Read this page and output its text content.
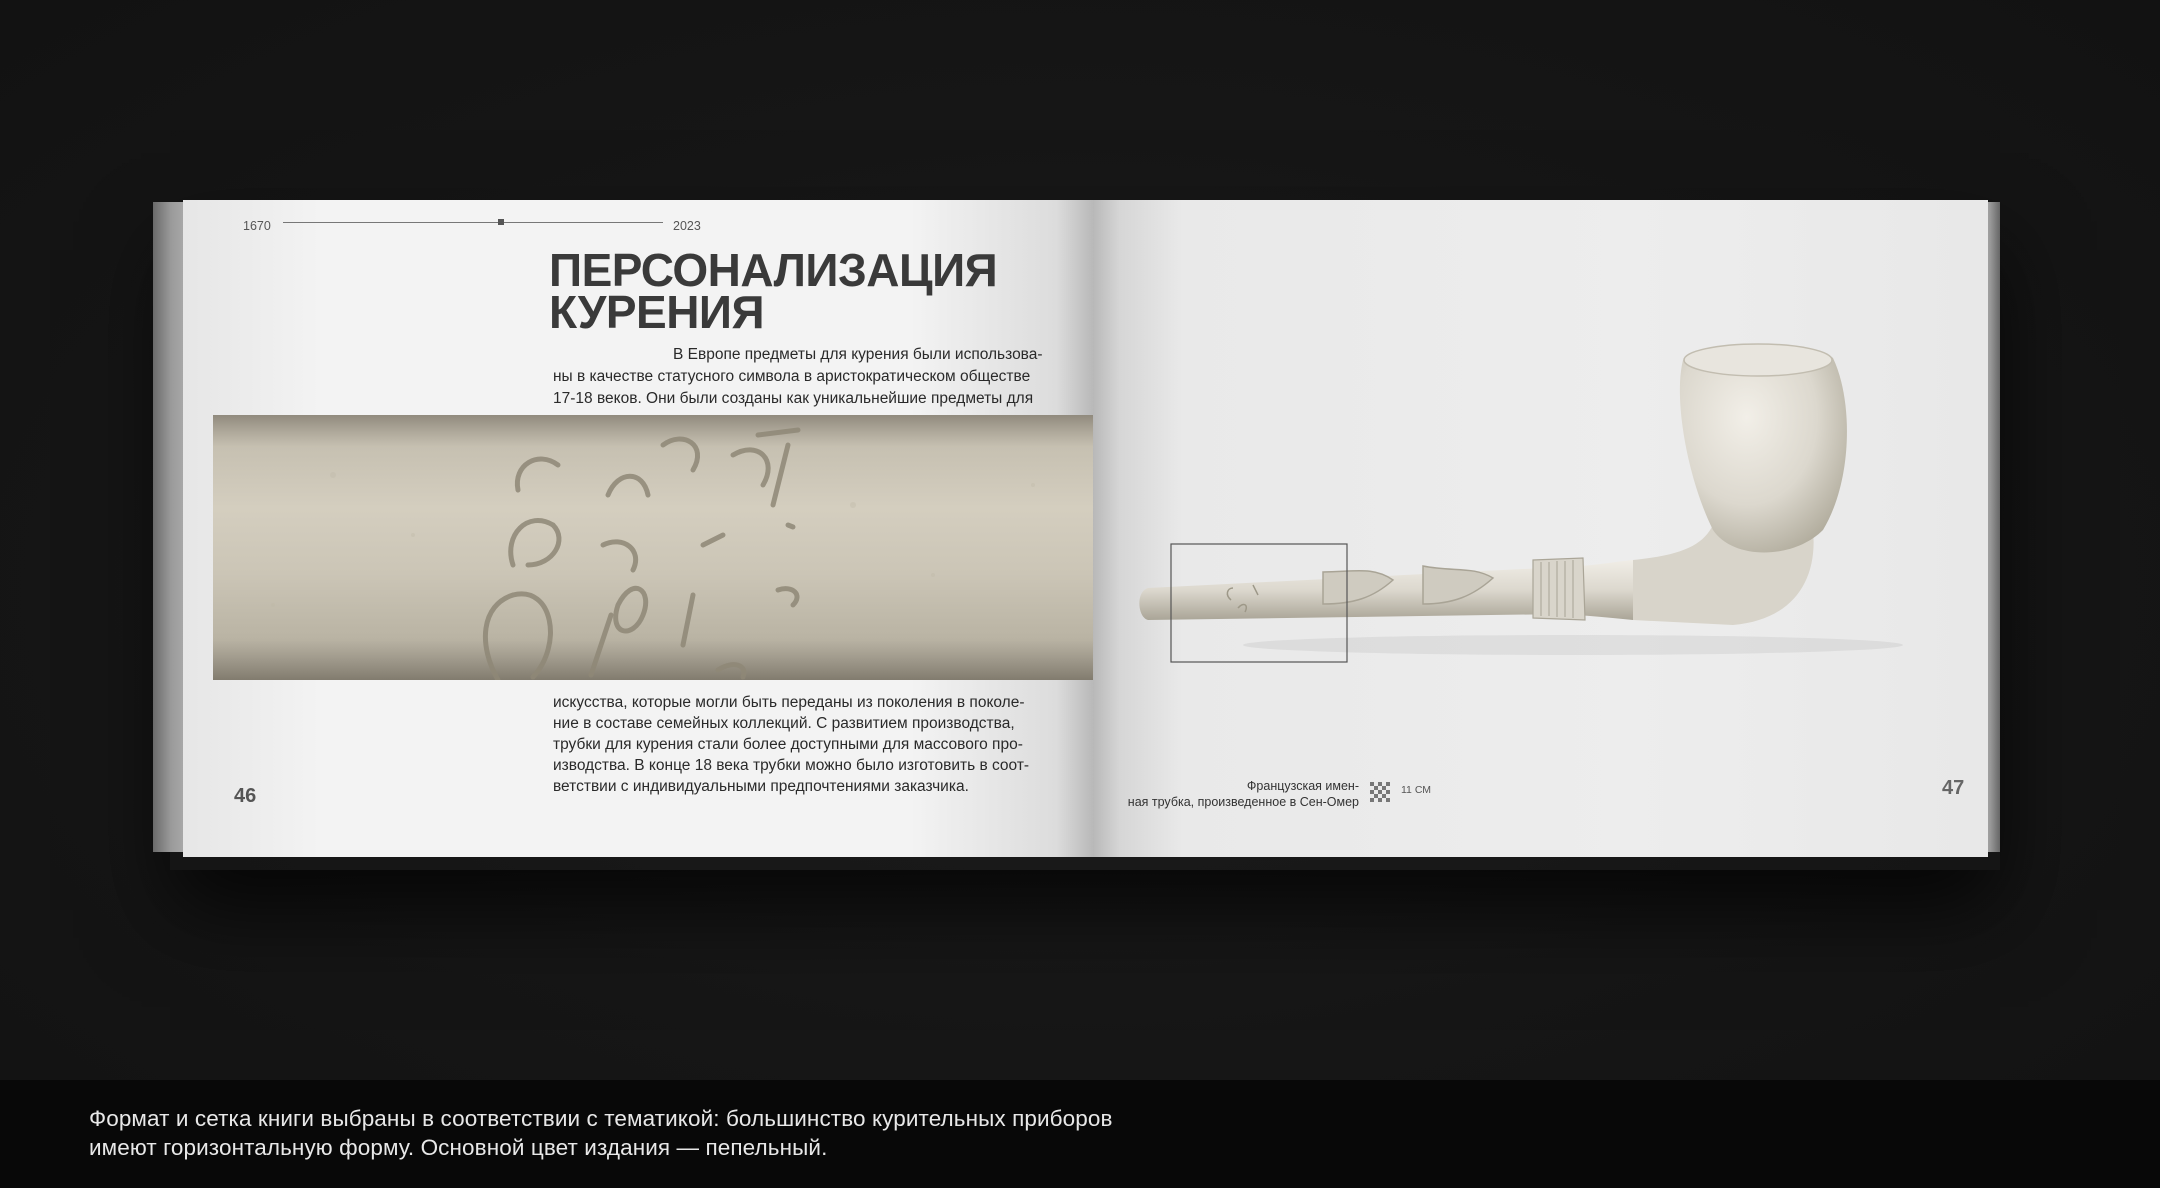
1670	2023
ПЕРСОНАЛИЗАЦИЯ
КУРЕНИЯ
В Европе предметы для курения были использова-
ны в качестве статусного символа в аристократическом обществе
17-18 веков. Они были созданы как уникальнейшие предметы для
искусства, которые могли быть переданы из поколения в поколе-
ние в составе семейных коллекций. С развитием производства,
трубки для курения стали более доступными для массового про-
изводства. В конце 18 века трубки можно было изготовить в соот-
ветствии с индивидуальными предпочтениями заказчика.
46	Французская имен-
ная трубка, произведенное в Сен-Омер
11 СМ	47
Формат и сетка книги выбраны в соответствии с тематикой: большинство курительных приборов
имеют горизонтальную форму. Основной цвет издания — пепельный.
